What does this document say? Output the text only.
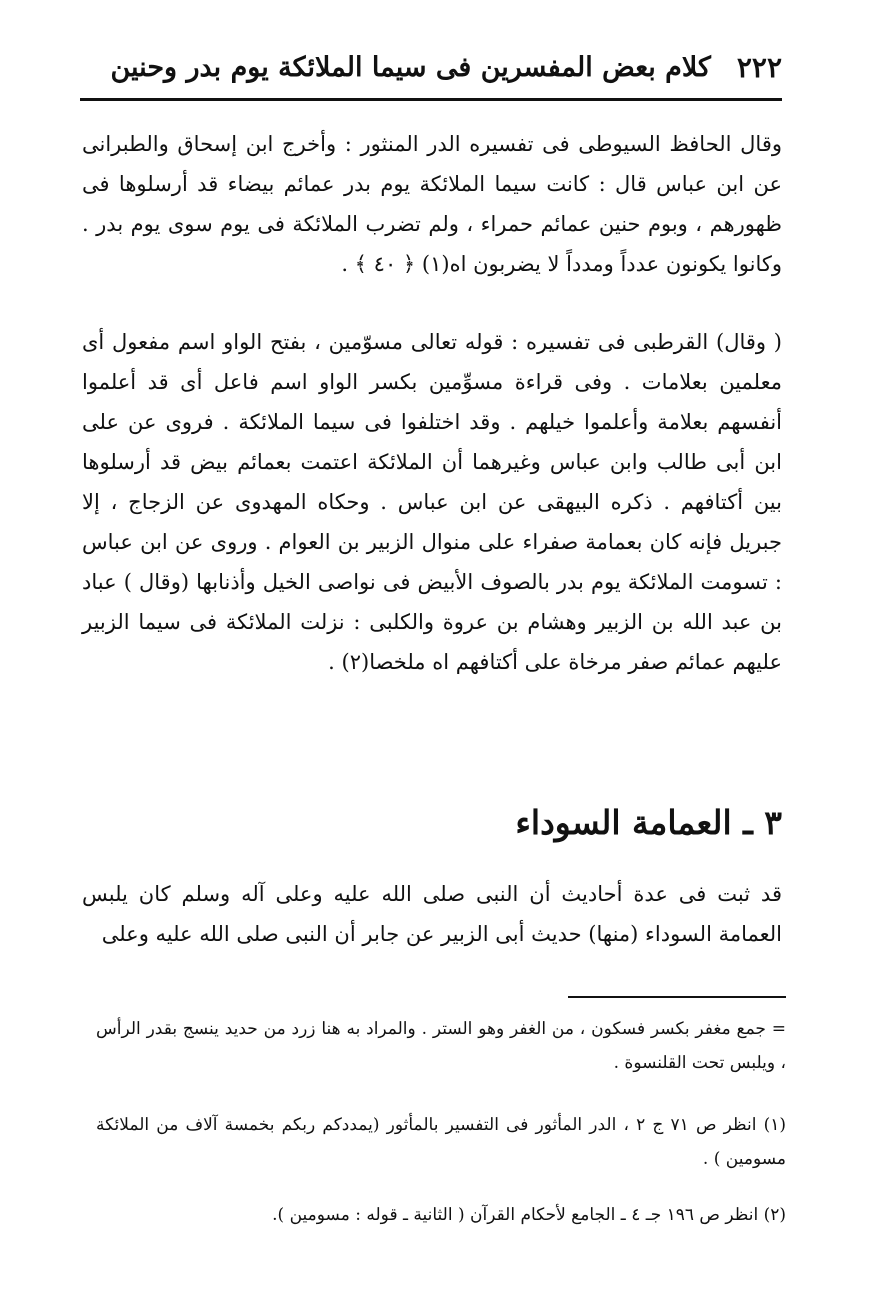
٢٢٢
كلام بعض المفسرين فى سيما الملائكة يوم بدر وحنين

وقال الحافظ السيوطى فى تفسيره الدر المنثور : وأخرج ابن إسحاق والطبرانى عن ابن عباس قال : كانت سيما الملائكة يوم بدر عمائم بيضاء قد أرسلوها فى ظهورهم ، وبوم حنين عمائم حمراء ، ولم تضرب الملائكة فى يوم سوى يوم بدر . وكانوا يكونون عدداً ومدداً لا يضربون اه(١) ﴿ ٤٠ ﴾ .

( وقال) القرطبى فى تفسيره : قوله تعالى مسوّمين ، بفتح الواو اسم مفعول أى معلمين بعلامات . وفى قراءة مسوِّمين بكسر الواو اسم فاعل أى قد أعلموا أنفسهم بعلامة وأعلموا خيلهم . وقد اختلفوا فى سيما الملائكة . فروى عن على ابن أبى طالب وابن عباس وغيرهما أن الملائكة اعتمت بعمائم بيض قد أرسلوها بين أكتافهم . ذكره البيهقى عن ابن عباس . وحكاه المهدوى عن الزجاج ، إلا جبريل فإنه كان بعمامة صفراء على منوال الزبير بن العوام . وروى عن ابن عباس : تسومت الملائكة يوم بدر بالصوف الأبيض فى نواصى الخيل وأذنابها (وقال ) عباد بن عبد الله بن الزبير وهشام بن عروة والكلبى : نزلت الملائكة فى سيما الزبير عليهم عمائم صفر مرخاة على أكتافهم اه ملخصا(٢) .

٣ ـ العمامة السوداء

قد ثبت فى عدة أحاديث أن النبى صلى الله عليه وعلى آله وسلم كان يلبس العمامة السوداء (منها) حديث أبى الزبير عن جابر أن النبى صلى الله عليه وعلى

= جمع مغفر بكسر فسكون ، من الغفر وهو الستر . والمراد به هنا زرد من حديد ينسج بقدر الرأس ، ويلبس تحت القلنسوة .

(١) انظر ص ٧١ ج ٢ ، الدر المأثور فى التفسير بالمأثور (يمددكم ربكم بخمسة آلاف من الملائكة مسومين ) .

(٢) انظر ص ١٩٦ جـ ٤ ـ الجامع لأحكام القرآن ( الثانية ـ قوله : مسومين ).
